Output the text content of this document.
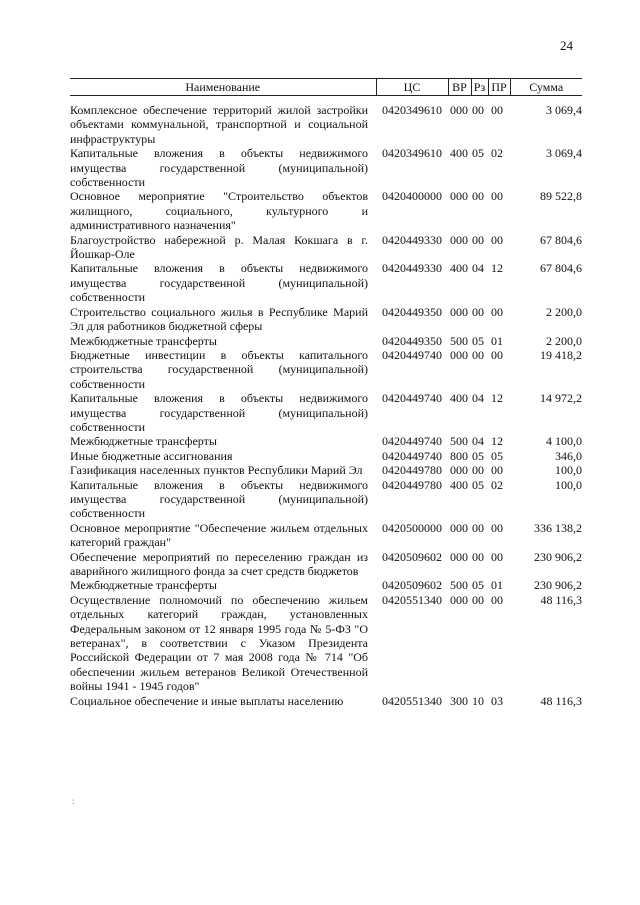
24
Наименование	ЦС	ВР	Рз	ПР	Сумма
Комплексное обеспечение территорий жилой застройки объектами коммунальной, транспортной и социальной инфраструктуры	0420349610	000	00	00	3 069,4
Капитальные вложения в объекты недвижимого имущества государственной (муниципальной) собственности	0420349610	400	05	02	3 069,4
Основное мероприятие "Строительство объектов жилищного, социального, культурного и административного назначения"	0420400000	000	00	00	89 522,8
Благоустройство набережной р. Малая Кокшага в г. Йошкар-Оле	0420449330	000	00	00	67 804,6
Капитальные вложения в объекты недвижимого имущества государственной (муниципальной) собственности	0420449330	400	04	12	67 804,6
Строительство социального жилья в Республике Марий Эл для работников бюджетной сферы	0420449350	000	00	00	2 200,0
Межбюджетные трансферты	0420449350	500	05	01	2 200,0
Бюджетные инвестиции в объекты капитального строительства государственной (муниципальной) собственности	0420449740	000	00	00	19 418,2
Капитальные вложения в объекты недвижимого имущества государственной (муниципальной) собственности	0420449740	400	04	12	14 972,2
Межбюджетные трансферты	0420449740	500	04	12	4 100,0
Иные бюджетные ассигнования	0420449740	800	05	05	346,0
Газификация населенных пунктов Республики Марий Эл	0420449780	000	00	00	100,0
Капитальные вложения в объекты недвижимого имущества государственной (муниципальной) собственности	0420449780	400	05	02	100,0
Основное мероприятие "Обеспечение жильем отдельных категорий граждан"	0420500000	000	00	00	336 138,2
Обеспечение мероприятий по переселению граждан из аварийного жилищного фонда за счет средств бюджетов	0420509602	000	00	00	230 906,2
Межбюджетные трансферты	0420509602	500	05	01	230 906,2
Осуществление полномочий по обеспечению жильем отдельных категорий граждан, установленных Федеральным законом от 12 января 1995 года № 5-ФЗ "О ветеранах", в соответствии с Указом Президента Российской Федерации от 7 мая 2008 года № 714 "Об обеспечении жильем ветеранов Великой Отечественной войны 1941 - 1945 годов"	0420551340	000	00	00	48 116,3
Социальное обеспечение и иные выплаты населению	0420551340	300	10	03	48 116,3
:
